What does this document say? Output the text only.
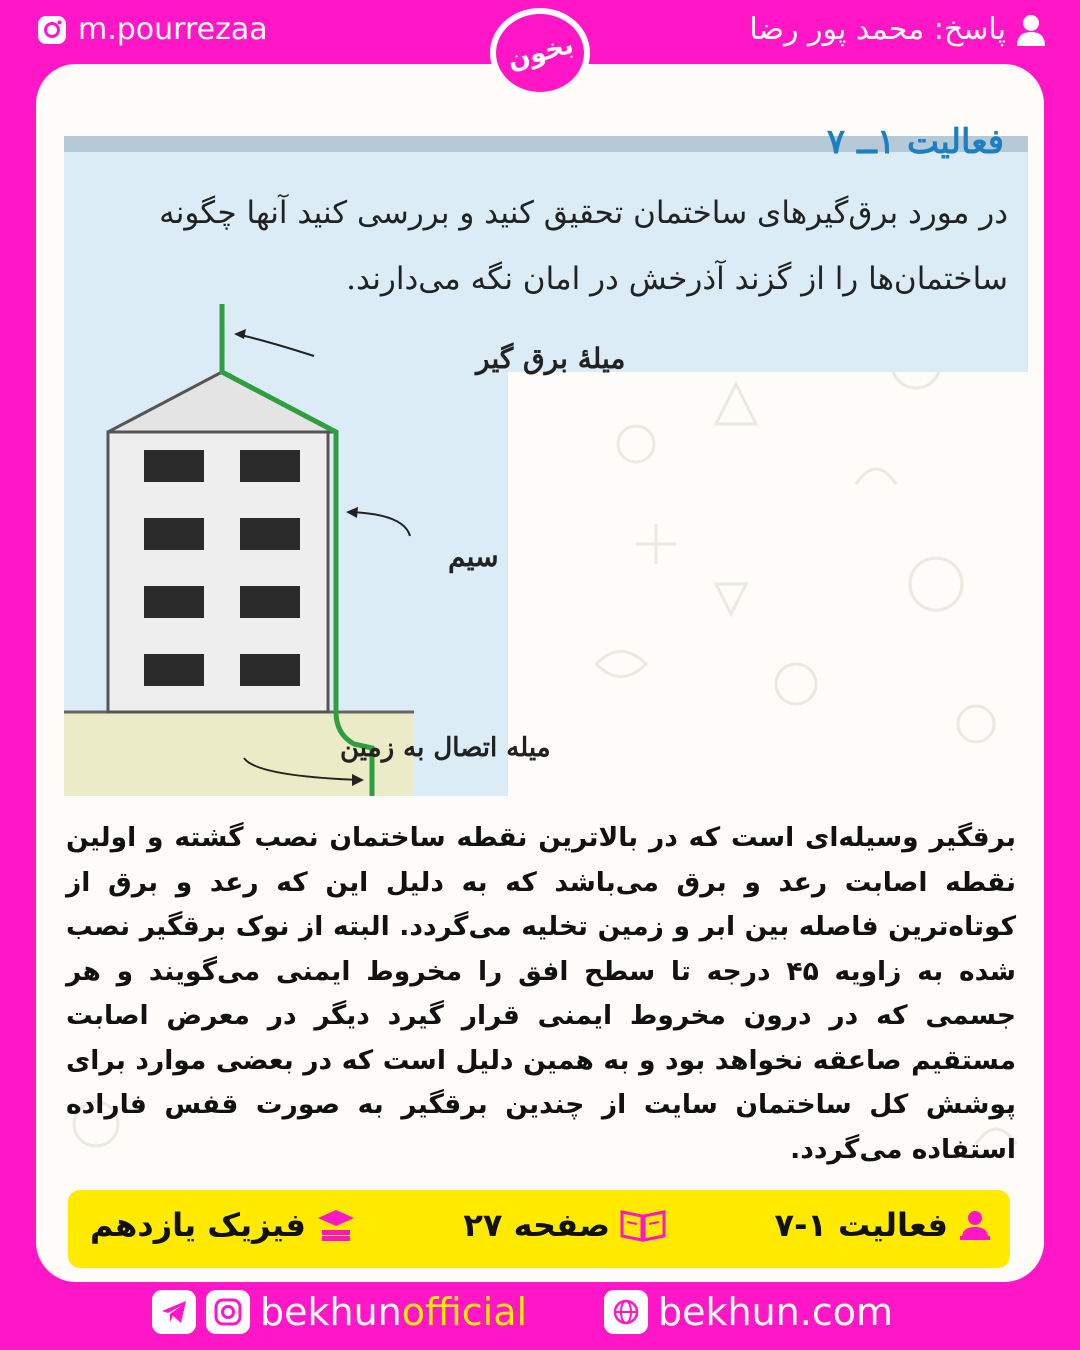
m.pourrezaa	پاسخ: محمد پور رضا
بخون
فعالیت ۱ــ ۷
در مورد برق‌گیرهای ساختمان تحقیق کنید و بررسی کنید آنها چگونه ساختمان‌ها را از گزند آذرخش در امان نگه می‌دارند.
میلهٔ برق گیر
سیم
میله اتصال به زمین
برقگیر وسیله‌ای است که در بالاترین نقطه ساختمان نصب گشته و اولین نقطه اصابت رعد و برق می‌باشد که به دلیل این که رعد و برق از کوتاه‌ترین فاصله بین ابر و زمین تخلیه می‌گردد. البته از نوک برقگیر نصب شده به زاویه ۴۵ درجه تا سطح افق را مخروط ایمنی می‌گویند و هر جسمی که در درون مخروط ایمنی قرار گیرد دیگر در معرض اصابت مستقیم صاعقه نخواهد بود و به همین دلیل است که در بعضی موارد برای پوشش کل ساختمان سایت از چندین برقگیر به صورت قفس فاراده استفاده می‌گردد.
فعالیت ۱-۷
صفحه ۲۷
فیزیک یازدهم
bekhunofficial	bekhun.com
